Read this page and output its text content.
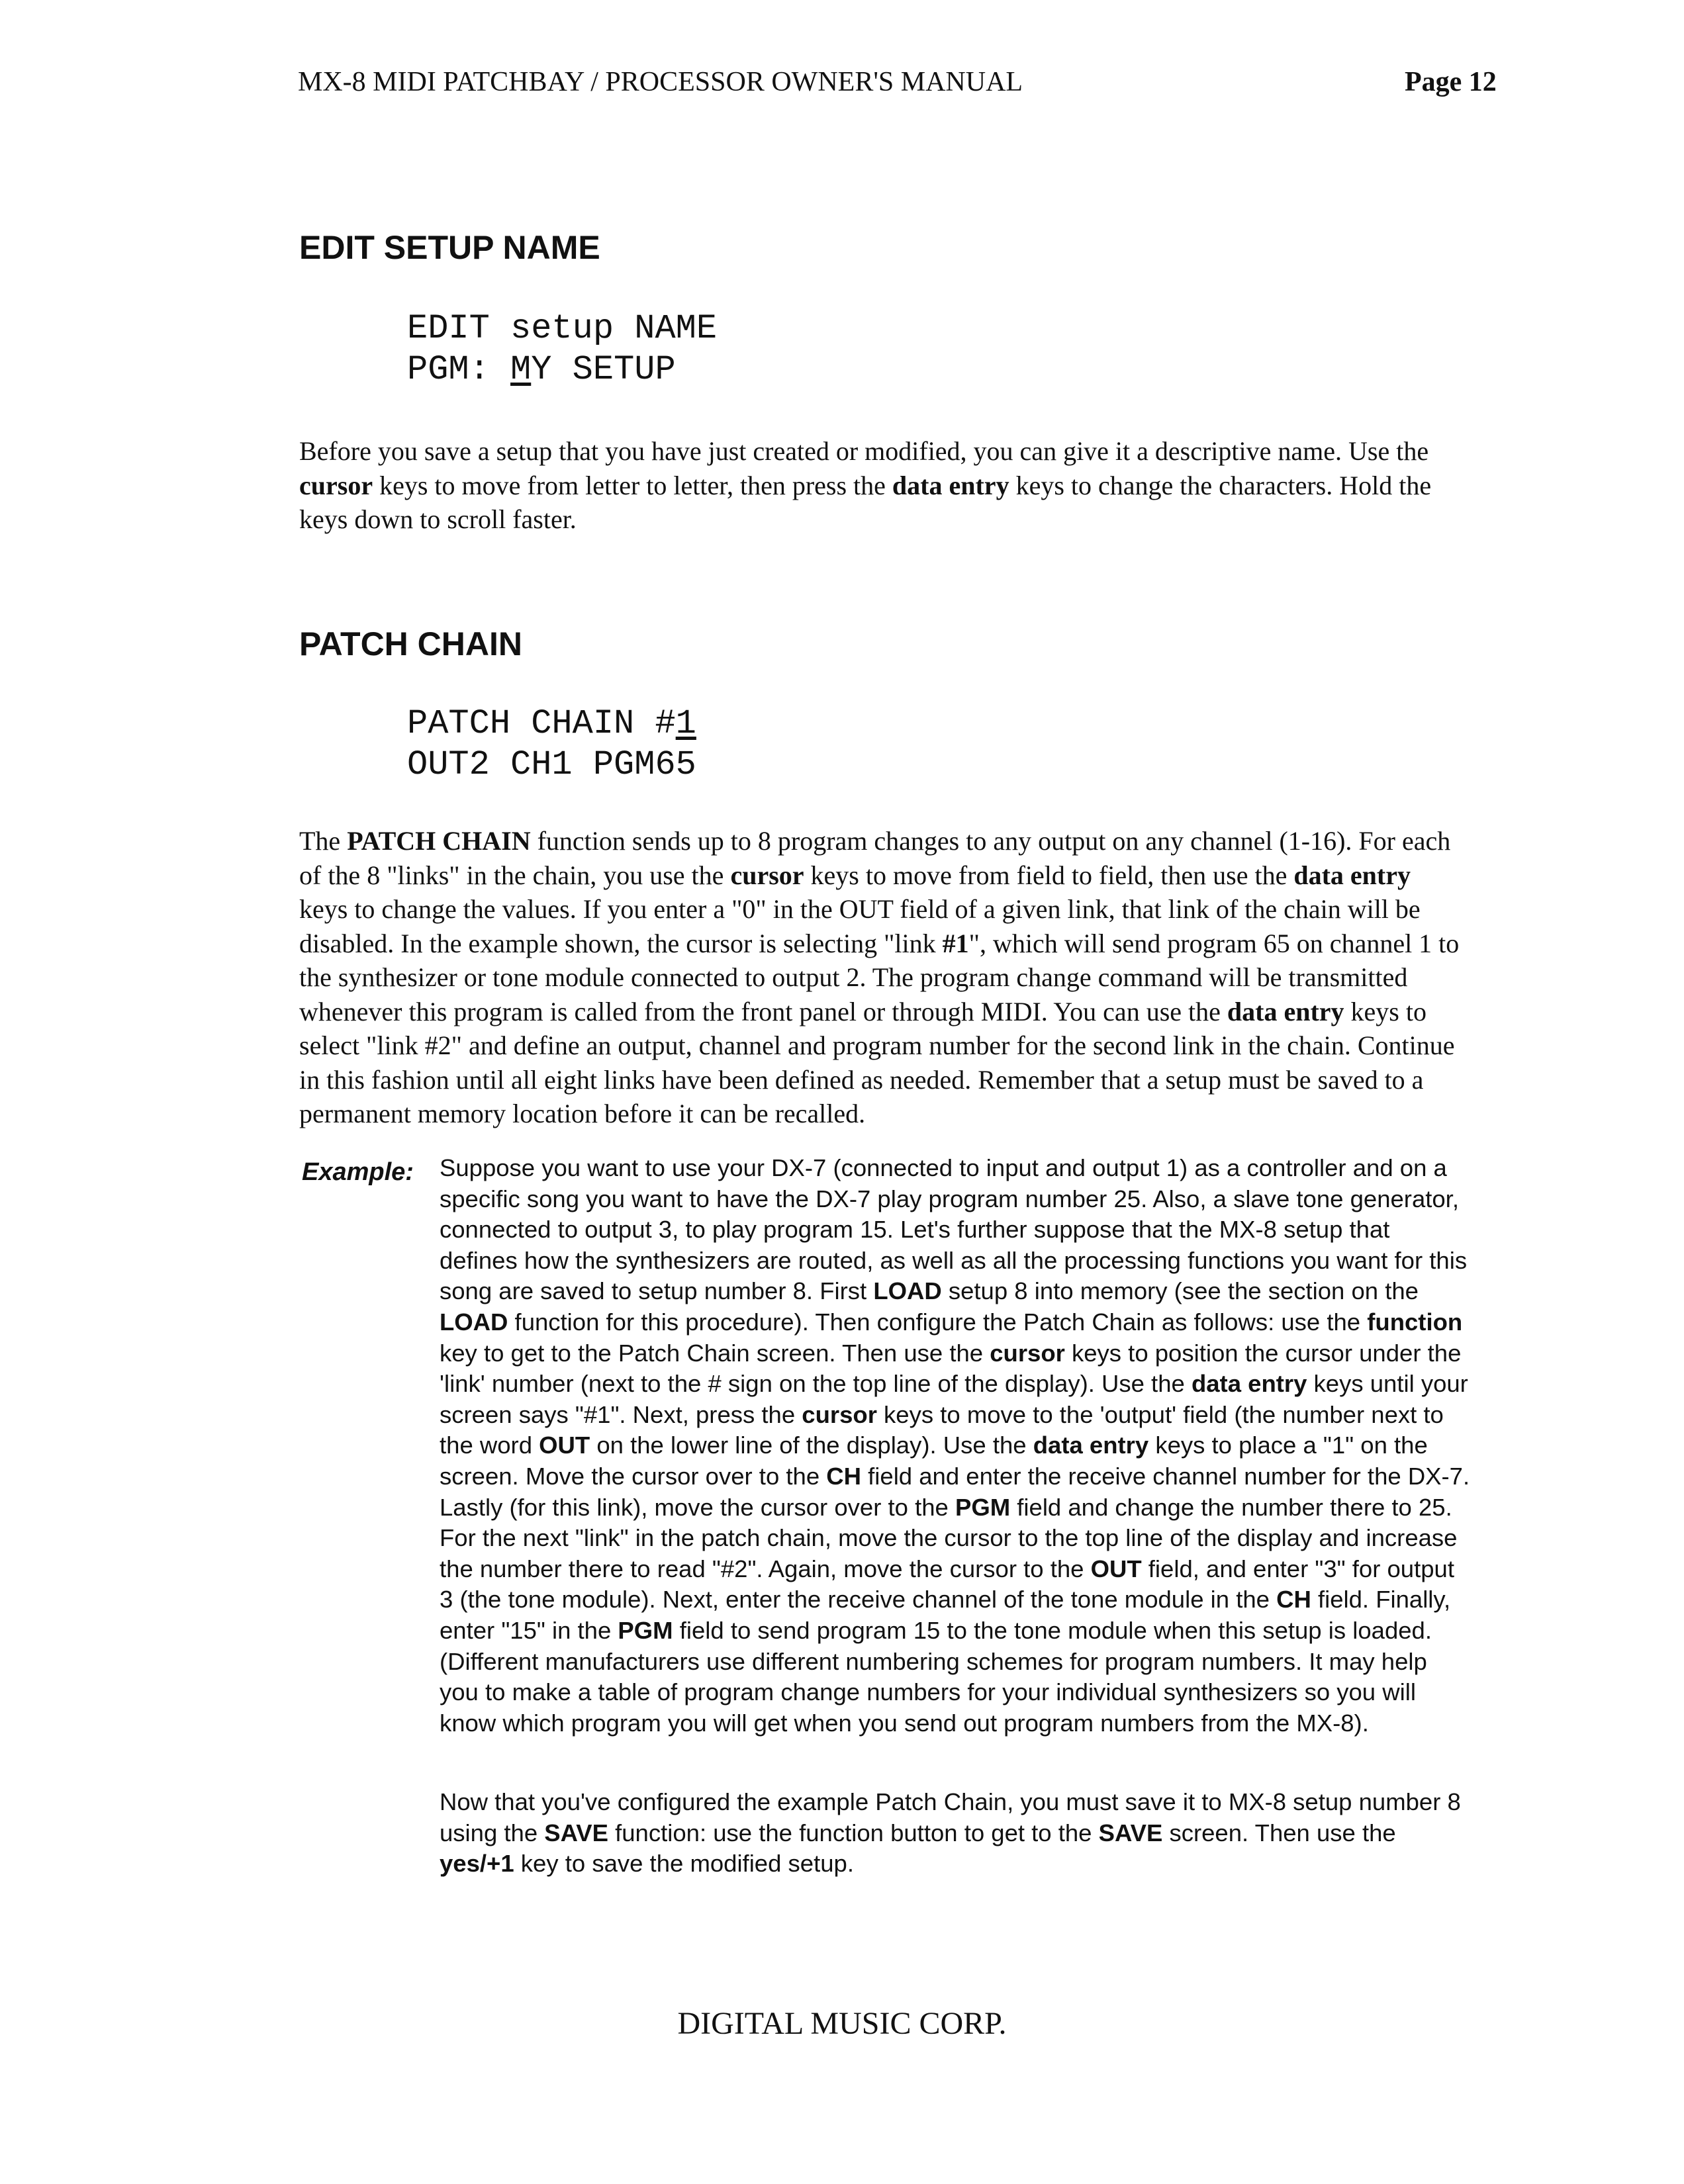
MX-8 MIDI PATCHBAY / PROCESSOR OWNER'S MANUAL	Page 12
EDIT SETUP NAME
EDIT setup NAME
PGM: MY SETUP
Before you save a setup that you have just created or modified, you can give it a descriptive name. Use the cursor keys to move from letter to letter, then press the data entry keys to change the characters. Hold the keys down to scroll faster.
PATCH CHAIN
PATCH CHAIN #1
OUT2 CH1 PGM65
The PATCH CHAIN function sends up to 8 program changes to any output on any channel (1-16). For each of the 8 "links" in the chain, you use the cursor keys to move from field to field, then use the data entry keys to change the values. If you enter a "0" in the OUT field of a given link, that link of the chain will be disabled. In the example shown, the cursor is selecting "link #1", which will send program 65 on channel 1 to the synthesizer or tone module connected to output 2. The program change command will be transmitted whenever this program is called from the front panel or through MIDI. You can use the data entry keys to select "link #2" and define an output, channel and program number for the second link in the chain. Continue in this fashion until all eight links have been defined as needed. Remember that a setup must be saved to a permanent memory location before it can be recalled.
Example: Suppose you want to use your DX-7 (connected to input and output 1) as a controller and on a specific song you want to have the DX-7 play program number 25. Also, a slave tone generator, connected to output 3, to play program 15. Let's further suppose that the MX-8 setup that defines how the synthesizers are routed, as well as all the processing functions you want for this song are saved to setup number 8. First LOAD setup 8 into memory (see the section on the LOAD function for this procedure). Then configure the Patch Chain as follows: use the function key to get to the Patch Chain screen. Then use the cursor keys to position the cursor under the 'link' number (next to the # sign on the top line of the display). Use the data entry keys until your screen says "#1". Next, press the cursor keys to move to the 'output' field (the number next to the word OUT on the lower line of the display). Use the data entry keys to place a "1" on the screen. Move the cursor over to the CH field and enter the receive channel number for the DX-7. Lastly (for this link), move the cursor over to the PGM field and change the number there to 25. For the next "link" in the patch chain, move the cursor to the top line of the display and increase the number there to read "#2". Again, move the cursor to the OUT field, and enter "3" for output 3 (the tone module). Next, enter the receive channel of the tone module in the CH field. Finally, enter "15" in the PGM field to send program 15 to the tone module when this setup is loaded. (Different manufacturers use different numbering schemes for program numbers. It may help you to make a table of program change numbers for your individual synthesizers so you will know which program you will get when you send out program numbers from the MX-8).
Now that you've configured the example Patch Chain, you must save it to MX-8 setup number 8 using the SAVE function: use the function button to get to the SAVE screen. Then use the yes/+1 key to save the modified setup.
DIGITAL MUSIC CORP.
